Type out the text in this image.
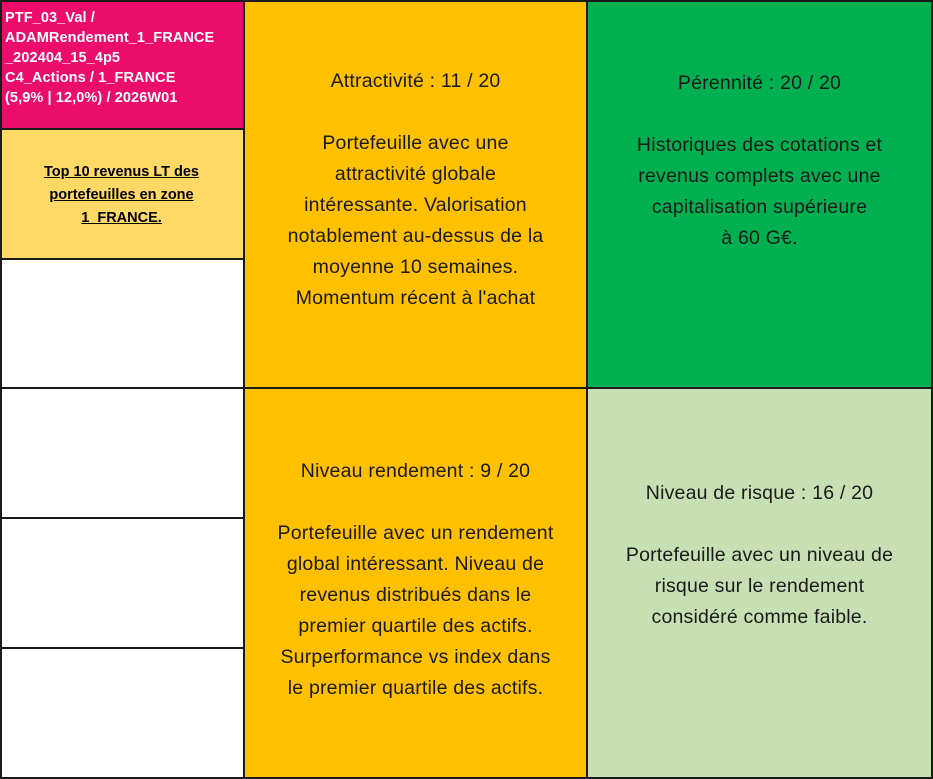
PTF_03_Val /
ADAMRendement_1_FRANCE
_202404_15_4p5
C4_Actions / 1_FRANCE
(5,9% | 12,0%) / 2026W01
Top 10 revenus LT des
portefeuilles en zone
1_FRANCE.
Attractivité : 11 / 20
Portefeuille avec une
attractivité globale
intéressante. Valorisation
notablement au-dessus de la
moyenne 10 semaines.
Momentum récent à l'achat
Pérennité : 20 / 20
Historiques des cotations et
revenus complets avec une
capitalisation supérieure
à 60 G€.
Niveau rendement : 9 / 20
Portefeuille avec un rendement
global intéressant. Niveau de
revenus distribués dans le
premier quartile des actifs.
Surperformance vs index dans
le premier quartile des actifs.
Niveau de risque : 16 / 20
Portefeuille avec un niveau de
risque sur le rendement
considéré comme faible.
